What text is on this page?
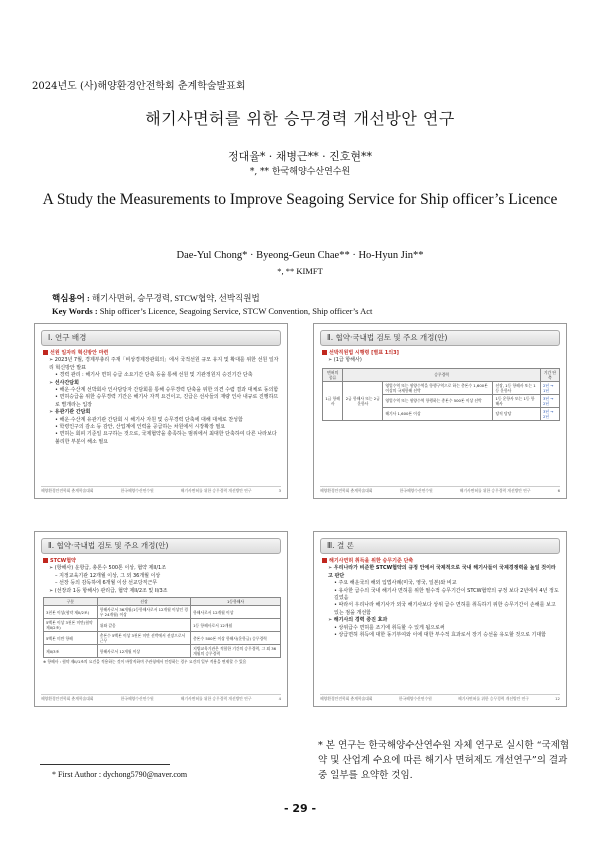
2024년도 (사)해양환경안전학회 춘계학술발표회
해기사면허를 위한 승무경력 개선방안 연구
정대율* · 채병근** · 진호현**
*, ** 한국해양수산연수원
A Study the Measurements to Improve Seagoing Service for Ship officer’s Licence
Dae-Yul Chong* · Byeong-Geun Chae** · Ho-Hyun Jin**
*, ** KIMFT
핵심용어 : 해기사면허, 승무경력, STCW협약, 선박직원법
Key Words : Ship officer’s Licence, Seagoing Service, STCW Convention, Ship officer’s Act
Ⅰ. 연구 배경
선원 일자리 혁신방안 마련
➢ 2023년 7월, 경제부총리 주재「비상경제장관회의」에서 국적선원 규모 유지 및 확대를 위한 선원 일자리 혁신방안 발표
• 경력 관리 : 해기사 면허 승급 소요기간 단축 등을 통해 선원 및 기관정원지 승진기간 단축
➢ 선사간담회
• 해운·수산계 선박회사 인사담당자 간담회를 통해 승무경력 단축을 위한 의견 수렴 결과 대체로 동의함
• 면허승급을 위한 승무경력 기간은 해기사 자격 요건이고, 진급은 선사들의 재량 인사 내규로 진행하므로 별개라는 입장
➢ 유관기관 간담회
• 해운·수산계 유관기관 간담회 시 해기사 자원 및 승무경력 단축에 대해 대체로 찬성함
• 학령인구의 감소 등 감안, 산업계에 인력을 공급하는 차원에서 시장확장 필요
• 면허는 회피 기준일 요구하는 것으로, 국제협약을 충족하는 범위에서 최대한 단축하여 다른 나라보다 불리한 부분이 해소 필요
해양환경안전학회 춘계학술대회	한국해양수산연수원	해기사면허를 위한 승무경력 개선방안 연구	3
Ⅱ. 협약·국내법 검토 및 주요 개정(안)
선박직원법 시행령 [별표 1의3]
➢ (1급 항해사)
면허의 종류	승무경력			기간 단축
1급 항해사	2급 항해사 또는 2급 운항사	영업수역 또는 원양수역을 항행구역으로 하는 총톤수 1,600톤 이상의 국제항해 선박	선장, 1등 항해사 또는 1등 운항사	2년 → 1년
		영업수역 또는 원양수역 항행하는 총톤수 500톤 이상 선박	1등 운항사 또는 1등 항해사	3년 → 2년
		해기사 1,600톤 이상	당직 담당	3년 → 2년
해양환경안전학회 춘계학술대회	한국해양수산연수원	해기사면허를 위한 승무경력 개선방안 연구	6
Ⅱ. 협약·국내법 검토 및 주요 개정(안)
STCW협약
➢ (항해사) 운항급, 총톤수 500톤 이상, 협약 제II/1조
– 지정교육기관 12개월 이상, 그 외 36개월 이상
– 선장 등의 감독하에 6개월 이상 선교당직근무
➢ (선장과 1등 항해사) 관리급, 협약 제II/2조 및 II/3조
구분	선장	1등항해사
3천톤 이상(협약 제II/2조)	항해사로서 36개월(1등항해사로서 12개월 이상인 경우 24개월) 이상	항해사로서 12개월 이상
5백톤 이상 3천톤 미만(협약 제II/2조)	위와 같음	1등 항해사로서 12개월
5백톤 미만 항해	총톤수 5백톤 이상 3천톤 미만 선박에서 선장으로서 근무	총톤수 500톤 이상 항해사(운항급) 승무경력
제II/3조	항해사로서 12개월 이상	지방교육기관은 적합한 기간의 승무경력, 그 외 36개월의 승무경력
※ 항해사 : 협약 제II/1조의 요건을 적용하는 것이 바람직하며 주관청에서 인정하는 경우 요건의 일부 적용을 면제할 수 있음
해양환경안전학회 춘계학술대회	한국해양수산연수원	해기사면허를 위한 승무경력 개선방안 연구	4
Ⅲ. 결 론
해기사면허 취득을 위한 승무기준 단축
➢ 우리나라가 비준한 STCW협약의 규정 안에서 국제적으로 국내 해기사들이 국제경쟁력을 높일 것이라고 판단
• 주요 해운국의 해외 입법사례(미국, 영국, 일본)와 비교
• 유사한 급수의 국내 해기사 면허를 위한 필수적 승무기간이 STCW협약의 규정 보다 2년에서 4년 정도 길었음
• 따라서 우리나라 해기사가 외국 해기사보다 상위 급수 면허를 취득하기 위한 승무기간이 손해를 보고 있는 점을 개선함
➢ 해기사의 경력 증진 효과
• 상위급수 면허를 조기에 취득할 수 있게 됨으로써
• 상급면허 취득에 대한 동기부여와 이에 대한 부수적 효과로서 장기 승선을 유도할 것으로 기대함
해양환경안전학회 춘계학술대회	한국해양수산연수원	해기사면허를 위한 승무경력 개선방안 연구	12
* 본 연구는 한국해양수산연수원 자체 연구로 실시한 “국제협약 및 산업계 수요에 따른 해기사 면허제도 개선연구”의 결과 중 일부를 요약한 것임.
* First Author : dychong5790@naver.com
- 29 -
